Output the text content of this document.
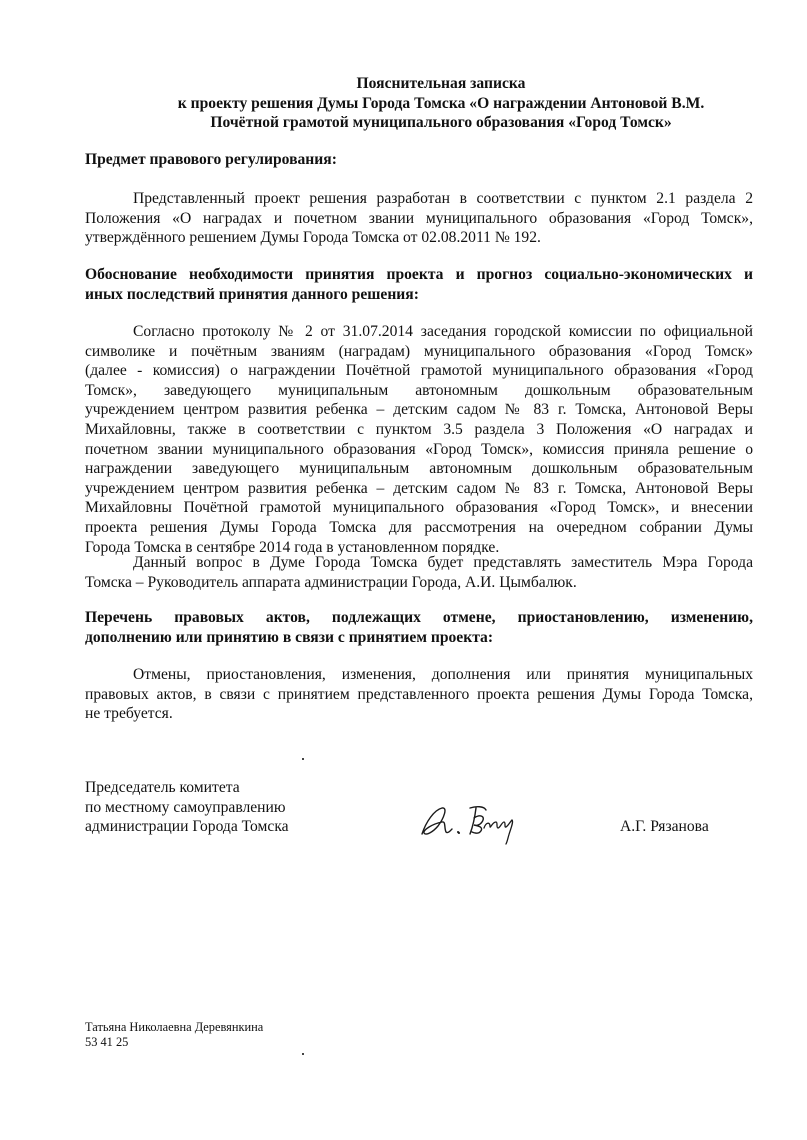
Пояснительная записка
к проекту решения Думы Города Томска «О награждении Антоновой В.М.
Почётной грамотой муниципального образования «Город Томск»
Предмет правового регулирования:
Представленный проект решения разработан в соответствии с пунктом 2.1 раздела 2
Положения «О наградах и почетном звании муниципального образования «Город Томск»,
утверждённого решением Думы Города Томска от 02.08.2011 № 192.
Обоснование необходимости принятия проекта и прогноз социально-экономических и
иных последствий принятия данного решения:
Согласно протоколу № 2 от 31.07.2014 заседания городской комиссии по официальной
символике и почётным званиям (наградам) муниципального образования «Город Томск»
(далее - комиссия) о награждении Почётной грамотой муниципального образования «Город
Томск», заведующего муниципальным автономным дошкольным образовательным
учреждением центром развития ребенка – детским садом № 83 г. Томска, Антоновой Веры
Михайловны, также в соответствии с пунктом 3.5 раздела 3 Положения «О наградах и
почетном звании муниципального образования «Город Томск», комиссия приняла решение о
награждении заведующего муниципальным автономным дошкольным образовательным
учреждением центром развития ребенка – детским садом № 83 г. Томска, Антоновой Веры
Михайловны Почётной грамотой муниципального образования «Город Томск», и внесении
проекта решения Думы Города Томска для рассмотрения на очередном собрании Думы
Города Томска в сентябре 2014 года в установленном порядке.
Данный вопрос в Думе Города Томска будет представлять заместитель Мэра Города
Томска – Руководитель аппарата администрации Города, А.И. Цымбалюк.
Перечень правовых актов, подлежащих отмене, приостановлению, изменению,
дополнению или принятию в связи с принятием проекта:
Отмены, приостановления, изменения, дополнения или принятия муниципальных
правовых актов, в связи с принятием представленного проекта решения Думы Города Томска,
не требуется.
Председатель комитета
по местному самоуправлению
администрации Города Томска	А.Г. Рязанова
Татьяна Николаевна Деревянкина
53 41 25
